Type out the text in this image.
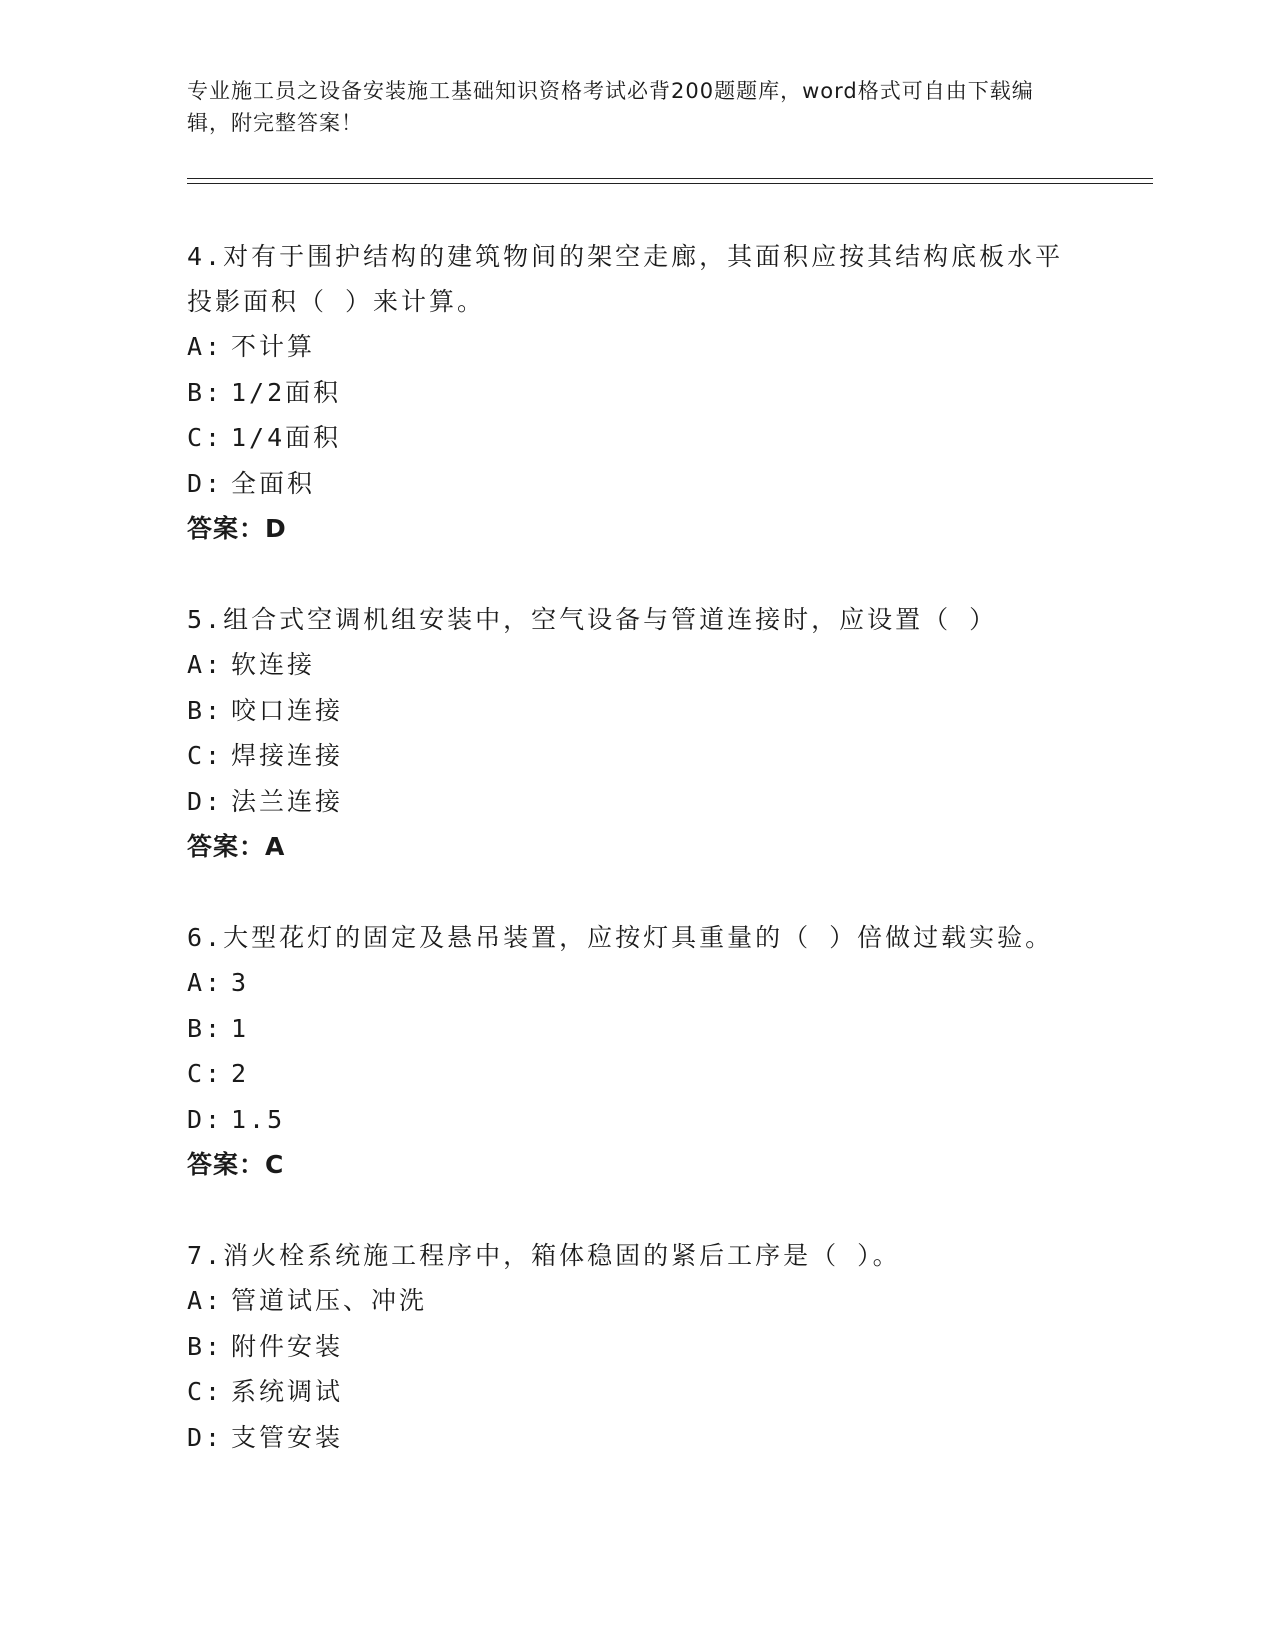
专业施工员之设备安装施工基础知识资格考试必背200题题库，word格式可自由下载编辑，附完整答案！

4.对有于围护结构的建筑物间的架空走廊，其面积应按其结构底板水平投影面积（ ）来计算。

A: 不计算

B: 1/2面积

C: 1/4面积

D: 全面积

答案：D

5.组合式空调机组安装中，空气设备与管道连接时，应设置（ ）

A: 软连接

B: 咬口连接

C: 焊接连接

D: 法兰连接

答案：A

6.大型花灯的固定及悬吊装置，应按灯具重量的（ ）倍做过载实验。

A: 3

B: 1

C: 2

D: 1.5

答案：C

7.消火栓系统施工程序中，箱体稳固的紧后工序是（ ）。

A: 管道试压、冲洗

B: 附件安装

C: 系统调试

D: 支管安装
